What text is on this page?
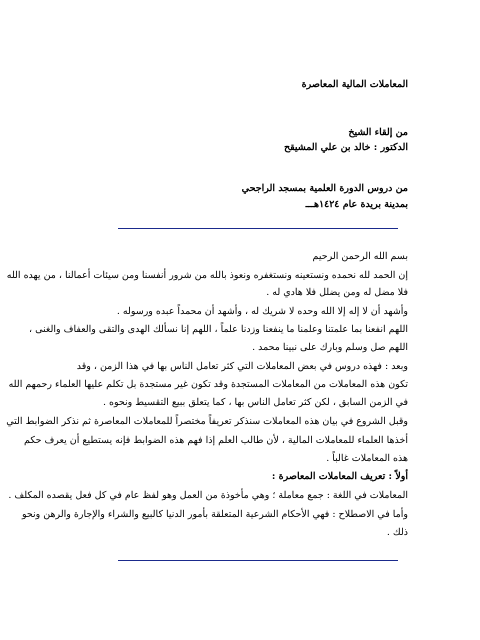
المعاملات المالية المعاصرة
من إلقاء الشيخ
الدكتور : خالد بن علي المشيقح
من دروس الدورة العلمية بمسجد الراجحي
بمدينة بريدة عام ١٤٢٤هـــ
بسم الله الرحمن الرحيم
إن الحمد لله نحمده ونستعينه ونستغفره ونعوذ بالله من شرور أنفسنا ومن سيئات أعمالنا ، من يهده الله
فلا مضل له ومن يضلل فلا هادي له .
وأشهد أن لا إله إلا الله وحده لا شريك له ، وأشهد أن محمداً عبده ورسوله .
اللهم انفعنا بما علمتنا وعلمنا ما ينفعنا وزدنا علماً ، اللهم إنا نسألك الهدى والتقى والعفاف والغنى ،
اللهم صل وسلم وبارك على نبينا محمد .
وبعد : فهذه دروس في بعض المعاملات التي كثر تعامل الناس بها في هذا الزمن ، وقد
تكون هذه المعاملات من المعاملات المستجدة وقد تكون غير مستجدة بل تكلم عليها العلماء رحمهم الله
في الزمن السابق ، لكن كثر تعامل الناس بها ، كما يتعلق ببيع التقسيط ونحوه .
وقبل الشروع في بيان هذه المعاملات سنذكر تعريفاً مختصراً للمعاملات المعاصرة ثم نذكر الضوابط التي
أخذها العلماء للمعاملات المالية ، لأن طالب العلم إذا فهم هذه الضوابط فإنه يستطيع أن يعرف حكم
هذه المعاملات غالباً .
أولاً : تعريف المعاملات المعاصرة :
المعاملات في اللغة : جمع معاملة ؛ وهي مأخوذة من العمل وهو لفظ عام في كل فعل يقصده المكلف .
وأما في الاصطلاح : فهي الأحكام الشرعية المتعلقة بأمور الدنيا كالبيع والشراء والإجارة والرهن ونحو
ذلك .
